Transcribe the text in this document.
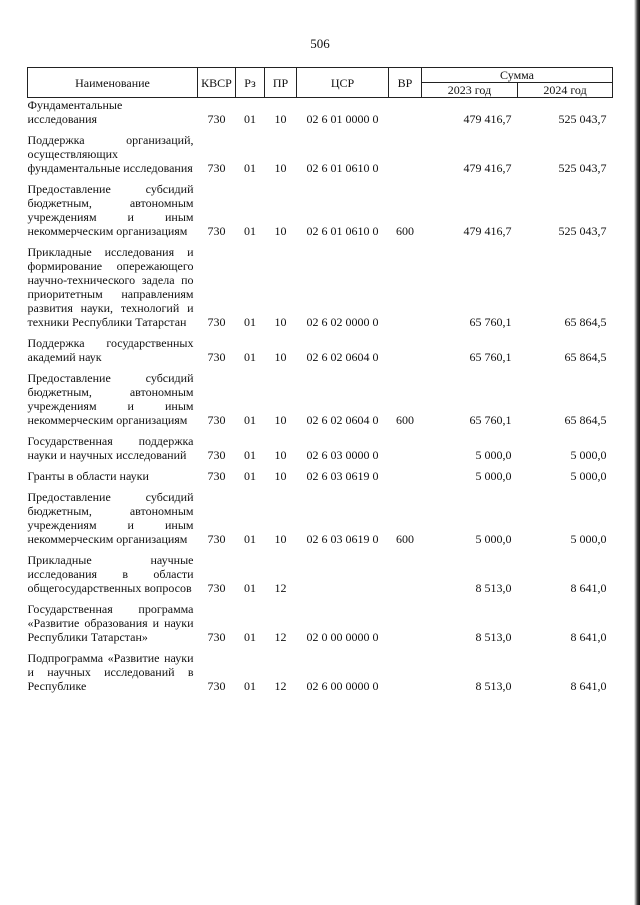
506
Наименование	КВСР	Рз	ПР	ЦСР	ВР	Сумма	
						2023 год	2024 год
Фундаментальные исследования	730	01	10	02 6 01 0000 0		479 416,7	525 043,7
Поддержка организаций, осуществляющих фундаментальные исследования	730	01	10	02 6 01 0610 0		479 416,7	525 043,7
Предоставление субсидий бюджетным, автономным учреждениям и иным некоммерческим организациям	730	01	10	02 6 01 0610 0	600	479 416,7	525 043,7
Прикладные исследования и формирование опережающего научно-технического задела по приоритетным направлениям развития науки, технологий и техники Республики Татарстан	730	01	10	02 6 02 0000 0		65 760,1	65 864,5
Поддержка государственных академий наук	730	01	10	02 6 02 0604 0		65 760,1	65 864,5
Предоставление субсидий бюджетным, автономным учреждениям и иным некоммерческим организациям	730	01	10	02 6 02 0604 0	600	65 760,1	65 864,5
Государственная поддержка науки и научных исследований	730	01	10	02 6 03 0000 0		5 000,0	5 000,0
Гранты в области науки	730	01	10	02 6 03 0619 0		5 000,0	5 000,0
Предоставление субсидий бюджетным, автономным учреждениям и иным некоммерческим организациям	730	01	10	02 6 03 0619 0	600	5 000,0	5 000,0
Прикладные научные исследования в области общегосударственных вопросов	730	01	12			8 513,0	8 641,0
Государственная программа «Развитие образования и науки Республики Татарстан»	730	01	12	02 0 00 0000 0		8 513,0	8 641,0
Подпрограмма «Развитие науки и научных исследований в Республике	730	01	12	02 6 00 0000 0		8 513,0	8 641,0
